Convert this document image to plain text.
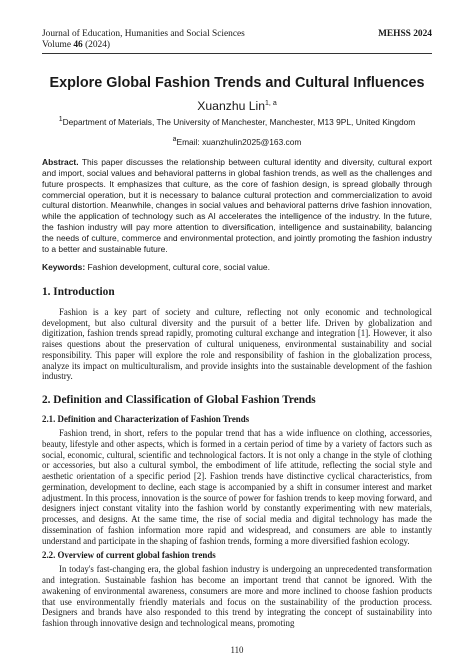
Journal of Education, Humanities and Social Sciences	MEHSS 2024
Volume 46 (2024)
Explore Global Fashion Trends and Cultural Influences
Xuanzhu Lin$^{1, a}$
$^1$Department of Materials, The University of Manchester, Manchester, M13 9PL, United Kingdom
$^a$Email: xuanzhulin2025@163.com
Abstract. This paper discusses the relationship between cultural identity and diversity, cultural export and import, social values and behavioral patterns in global fashion trends, as well as the challenges and future prospects. It emphasizes that culture, as the core of fashion design, is spread globally through commercial operation, but it is necessary to balance cultural protection and commercialization to avoid cultural distortion. Meanwhile, changes in social values and behavioral patterns drive fashion innovation, while the application of technology such as AI accelerates the intelligence of the industry. In the future, the fashion industry will pay more attention to diversification, intelligence and sustainability, balancing the needs of culture, commerce and environmental protection, and jointly promoting the fashion industry to a better and sustainable future.
Keywords: Fashion development, cultural core, social value.
1. Introduction

Fashion is a key part of society and culture, reflecting not only economic and technological development, but also cultural diversity and the pursuit of a better life. Driven by globalization and digitization, fashion trends spread rapidly, promoting cultural exchange and integration [1]. However, it also raises questions about the preservation of cultural uniqueness, environmental sustainability and social responsibility. This paper will explore the role and responsibility of fashion in the globalization process, analyze its impact on multiculturalism, and provide insights into the sustainable development of the fashion industry.

2. Definition and Classification of Global Fashion Trends
2.1. Definition and Characterization of Fashion Trends

Fashion trend, in short, refers to the popular trend that has a wide influence on clothing, accessories, beauty, lifestyle and other aspects, which is formed in a certain period of time by a variety of factors such as social, economic, cultural, scientific and technological factors. It is not only a change in the style of clothing or accessories, but also a cultural symbol, the embodiment of life attitude, reflecting the social style and aesthetic orientation of a specific period [2]. Fashion trends have distinctive cyclical characteristics, from germination, development to decline, each stage is accompanied by a shift in consumer interest and market adjustment. In this process, innovation is the source of power for fashion trends to keep moving forward, and designers inject constant vitality into the fashion world by constantly experimenting with new materials, processes, and designs. At the same time, the rise of social media and digital technology has made the dissemination of fashion information more rapid and widespread, and consumers are able to instantly understand and participate in the shaping of fashion trends, forming a more diversified fashion ecology.

2.2. Overview of current global fashion trends

In today's fast-changing era, the global fashion industry is undergoing an unprecedented transformation and integration. Sustainable fashion has become an important trend that cannot be ignored. With the awakening of environmental awareness, consumers are more and more inclined to choose fashion products that use environmentally friendly materials and focus on the sustainability of the production process. Designers and brands have also responded to this trend by integrating the concept of sustainability into fashion through innovative design and technological means, promoting

110
